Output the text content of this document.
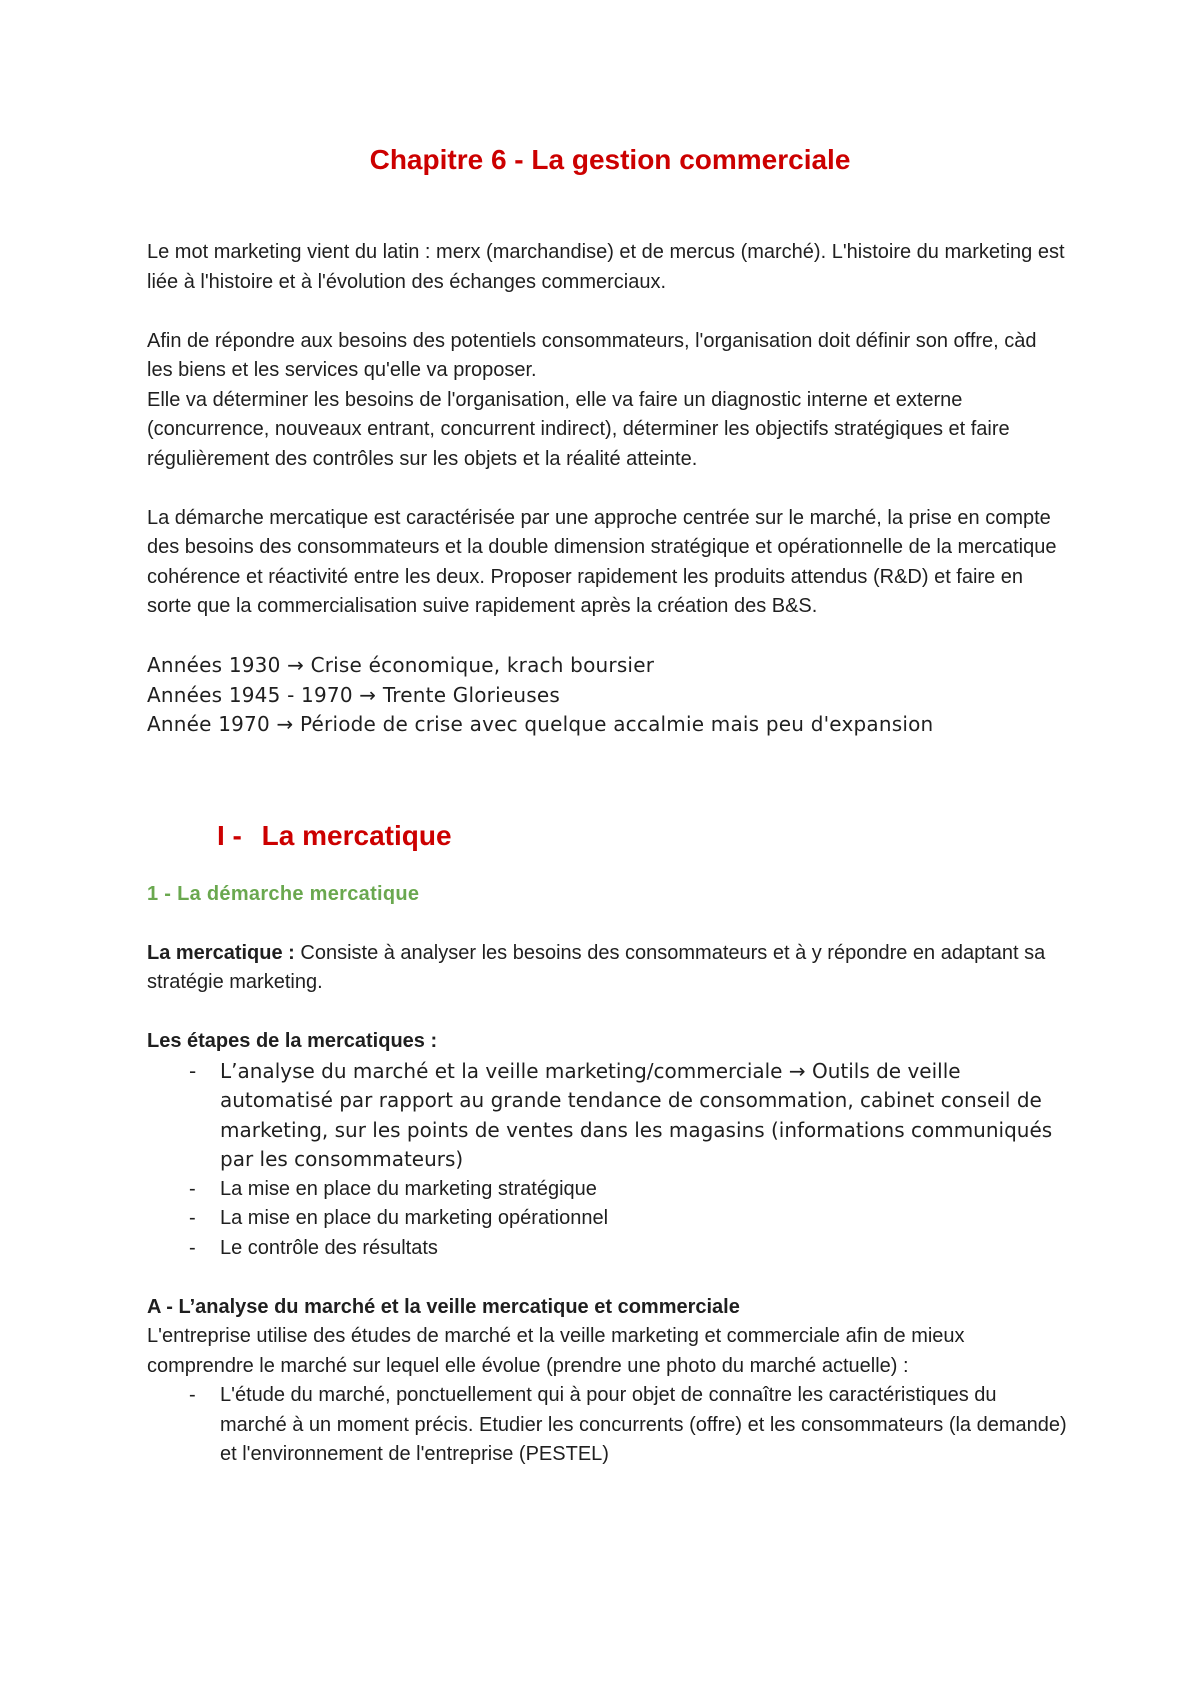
Chapitre 6 - La gestion commerciale

Le mot marketing vient du latin : merx (marchandise) et de mercus (marché). L'histoire du marketing est liée à l'histoire et à l'évolution des échanges commerciaux.

Afin de répondre aux besoins des potentiels consommateurs, l'organisation doit définir son offre, càd les biens et les services qu'elle va proposer.

Elle va déterminer les besoins de l'organisation, elle va faire un diagnostic interne et externe (concurrence, nouveaux entrant, concurrent indirect), déterminer les objectifs stratégiques et faire régulièrement des contrôles sur les objets et la réalité atteinte.

La démarche mercatique est caractérisée par une approche centrée sur le marché, la prise en compte des besoins des consommateurs et la double dimension stratégique et opérationnelle de la mercatique cohérence et réactivité entre les deux. Proposer rapidement les produits attendus (R&D) et faire en sorte que la commercialisation suive rapidement après la création des B&S.

Années 1930 → Crise économique, krach boursier

Années 1945 - 1970 → Trente Glorieuses

Année 1970 → Période de crise avec quelque accalmie mais peu d'expansion

I - La mercatique
1 - La démarche mercatique

La mercatique : Consiste à analyser les besoins des consommateurs et à y répondre en adaptant sa stratégie marketing.

Les étapes de la mercatiques :

- L’analyse du marché et la veille marketing/commerciale → Outils de veille automatisé par rapport au grande tendance de consommation, cabinet conseil de marketing, sur les points de ventes dans les magasins (informations communiqués par les consommateurs)
- La mise en place du marketing stratégique
- La mise en place du marketing opérationnel
- Le contrôle des résultats

A - L’analyse du marché et la veille mercatique et commerciale

L'entreprise utilise des études de marché et la veille marketing et commerciale afin de mieux comprendre le marché sur lequel elle évolue (prendre une photo du marché actuelle) :

- L'étude du marché, ponctuellement qui à pour objet de connaître les caractéristiques du marché à un moment précis. Etudier les concurrents (offre) et les consommateurs (la demande) et l'environnement de l'entreprise (PESTEL)
